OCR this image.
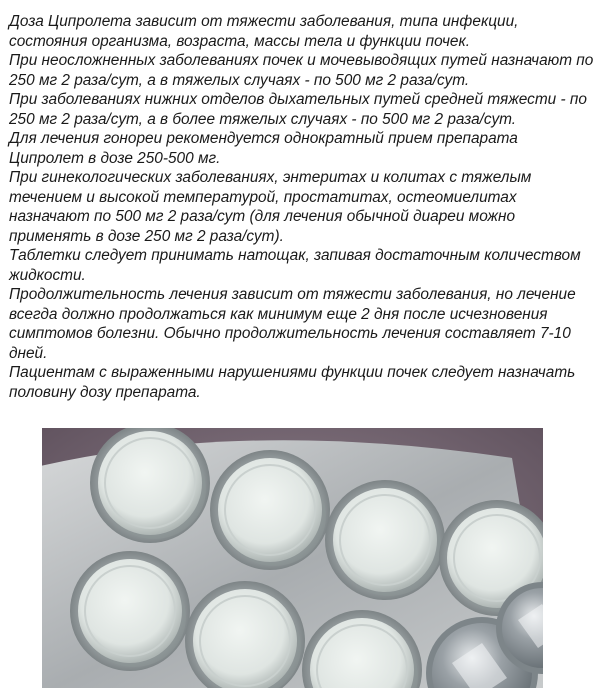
Доза Ципролета зависит от тяжести заболевания, типа инфекции, состояния организма, возраста, массы тела и функции почек.

При неосложненных заболеваниях почек и мочевыводящих путей назначают по 250 мг 2 раза/сут, а в тяжелых случаях - по 500 мг 2 раза/сут.

При заболеваниях нижних отделов дыхательных путей средней тяжести - по 250 мг 2 раза/сут, а в более тяжелых случаях - по 500 мг 2 раза/сут.

Для лечения гонореи рекомендуется однократный прием препарата Ципролет в дозе 250-500 мг.

При гинекологических заболеваниях, энтеритах и колитах с тяжелым течением и высокой температурой, простатитах, остеомиелитах назначают по 500 мг 2 раза/сут (для лечения обычной диареи можно применять в дозе 250 мг 2 раза/сут).

Таблетки следует принимать натощак, запивая достаточным количеством жидкости.

Продолжительность лечения зависит от тяжести заболевания, но лечение всегда должно продолжаться как минимум еще 2 дня после исчезновения симптомов болезни. Обычно продолжительность лечения составляет 7-10 дней.

Пациентам с выраженными нарушениями функции почек следует назначать половину дозу препарата.
